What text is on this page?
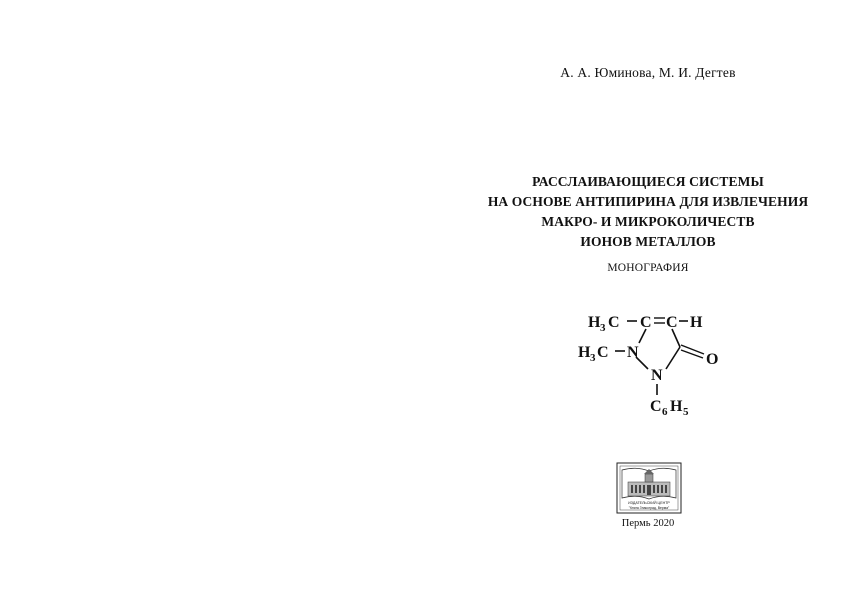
А. А. Юминова, М. И. Дегтев
РАССЛАИВАЮЩИЕСЯ СИСТЕМЫ
НА ОСНОВЕ АНТИПИРИНА ДЛЯ ИЗВЛЕЧЕНИЯ
МАКРО- И МИКРОКОЛИЧЕСТВ
ИОНОВ МЕТАЛЛОВ
МОНОГРАФИЯ
H 3 C C C H
O
H 3 C N
N
C 6 H 5
ИЗДАТЕЛЬСКИЙ ЦЕНТР
"Книга Знакоград, Верма"
Пермь 2020
